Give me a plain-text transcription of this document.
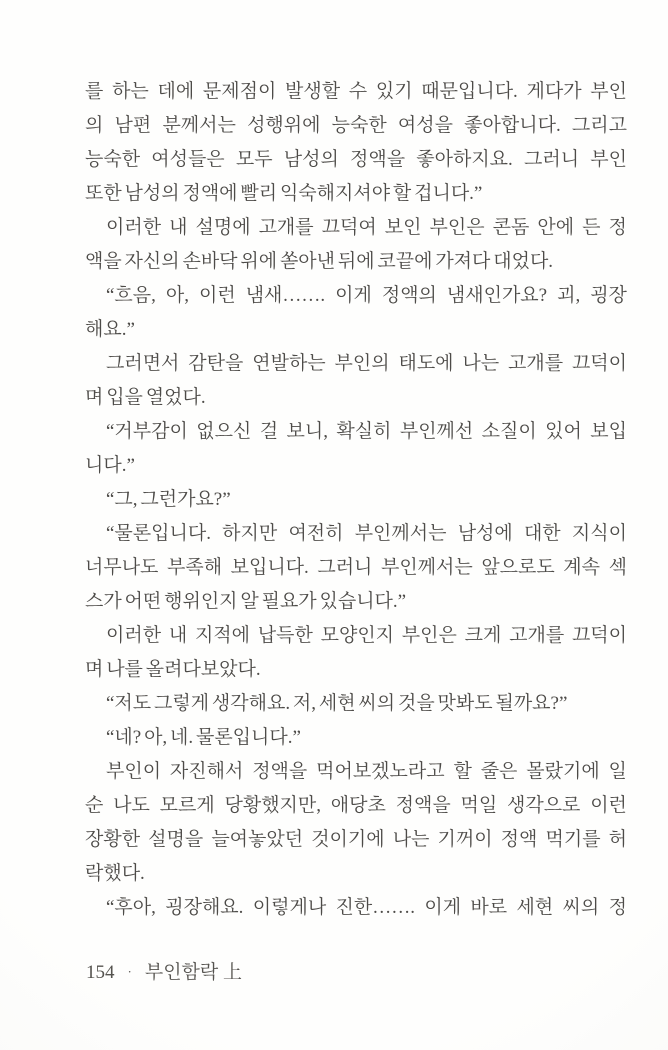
를 하는 데에 문제점이 발생할 수 있기 때문입니다. 게다가 부인
의 남편 분께서는 성행위에 능숙한 여성을 좋아합니다. 그리고
능숙한 여성들은 모두 남성의 정액을 좋아하지요. 그러니 부인
또한 남성의 정액에 빨리 익숙해지셔야 할 겁니다.”
이러한 내 설명에 고개를 끄덕여 보인 부인은 콘돔 안에 든 정
액을 자신의 손바닥 위에 쏟아낸 뒤에 코끝에 가져다 대었다.
“흐음, 아, 이런 냄새……. 이게 정액의 냄새인가요? 괴, 굉장
해요.”
그러면서 감탄을 연발하는 부인의 태도에 나는 고개를 끄덕이
며 입을 열었다.
“거부감이 없으신 걸 보니, 확실히 부인께선 소질이 있어 보입
니다.”
“그, 그런가요?”
“물론입니다. 하지만 여전히 부인께서는 남성에 대한 지식이
너무나도 부족해 보입니다. 그러니 부인께서는 앞으로도 계속 섹
스가 어떤 행위인지 알 필요가 있습니다.”
이러한 내 지적에 납득한 모양인지 부인은 크게 고개를 끄덕이
며 나를 올려다보았다.
“저도 그렇게 생각해요. 저, 세현 씨의 것을 맛봐도 될까요?”
“네? 아, 네. 물론입니다.”
부인이 자진해서 정액을 먹어보겠노라고 할 줄은 몰랐기에 일
순 나도 모르게 당황했지만, 애당초 정액을 먹일 생각으로 이런
장황한 설명을 늘여놓았던 것이기에 나는 기꺼이 정액 먹기를 허
락했다.
“후아, 굉장해요. 이렇게나 진한……. 이게 바로 세현 씨의 정
154 · 부인함락 上
